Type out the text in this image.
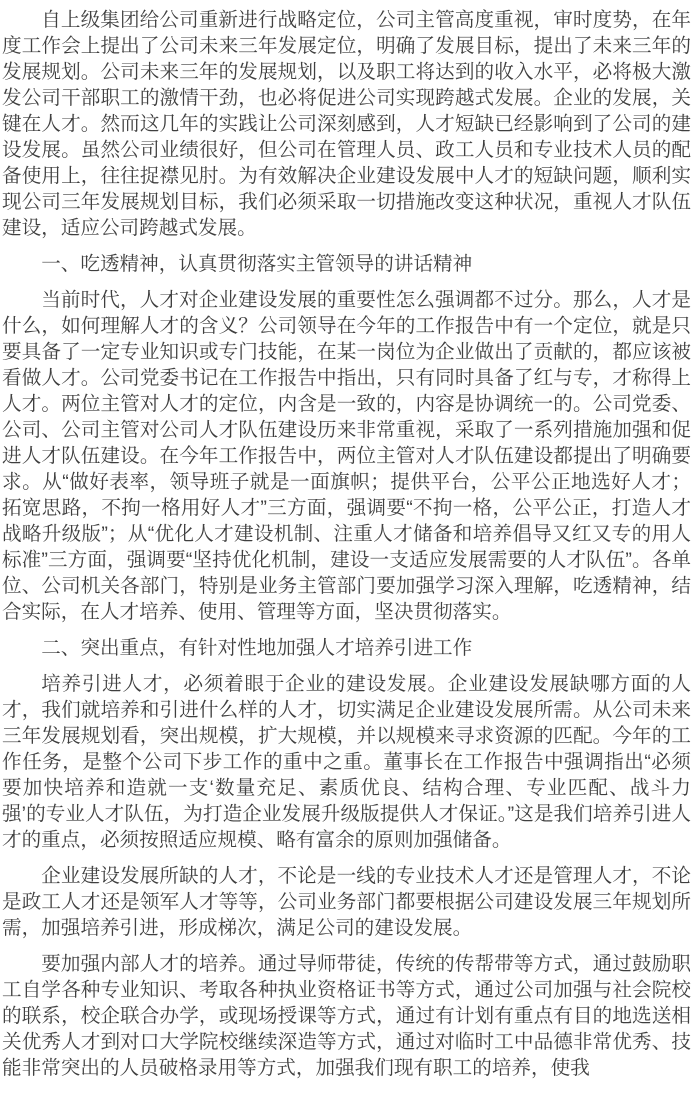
自上级集团给公司重新进行战略定位，公司主管高度重视，审时度势，在年度工作会上提出了公司未来三年发展定位，明确了发展目标，提出了未来三年的发展规划。公司未来三年的发展规划，以及职工将达到的收入水平，必将极大激发公司干部职工的激情干劲，也必将促进公司实现跨越式发展。企业的发展，关键在人才。然而这几年的实践让公司深刻感到，人才短缺已经影响到了公司的建设发展。虽然公司业绩很好，但公司在管理人员、政工人员和专业技术人员的配备使用上，往往捉襟见肘。为有效解决企业建设发展中人才的短缺问题，顺利实现公司三年发展规划目标，我们必须采取一切措施改变这种状况，重视人才队伍建设，适应公司跨越式发展。

一、吃透精神，认真贯彻落实主管领导的讲话精神

当前时代，人才对企业建设发展的重要性怎么强调都不过分。那么，人才是什么，如何理解人才的含义？公司领导在今年的工作报告中有一个定位，就是只要具备了一定专业知识或专门技能，在某一岗位为企业做出了贡献的，都应该被看做人才。公司党委书记在工作报告中指出，只有同时具备了红与专，才称得上人才。两位主管对人才的定位，内含是一致的，内容是协调统一的。公司党委、公司、公司主管对公司人才队伍建设历来非常重视，采取了一系列措施加强和促进人才队伍建设。在今年工作报告中，两位主管对人才队伍建设都提出了明确要求。从“做好表率，领导班子就是一面旗帜；提供平台，公平公正地选好人才；拓宽思路，不拘一格用好人才”三方面，强调要“不拘一格，公平公正，打造人才战略升级版”；从“优化人才建设机制、注重人才储备和培养倡导又红又专的用人标准”三方面，强调要“坚持优化机制，建设一支适应发展需要的人才队伍”。各单位、公司机关各部门，特别是业务主管部门要加强学习深入理解，吃透精神，结合实际，在人才培养、使用、管理等方面，坚决贯彻落实。

二、突出重点，有针对性地加强人才培养引进工作

培养引进人才，必须着眼于企业的建设发展。企业建设发展缺哪方面的人才，我们就培养和引进什么样的人才，切实满足企业建设发展所需。从公司未来三年发展规划看，突出规模，扩大规模，并以规模来寻求资源的匹配。今年的工作任务，是整个公司下步工作的重中之重。董事长在工作报告中强调指出“必须要加快培养和造就一支‘数量充足、素质优良、结构合理、专业匹配、战斗力强’的专业人才队伍，为打造企业发展升级版提供人才保证。”这是我们培养引进人才的重点，必须按照适应规模、略有富余的原则加强储备。

企业建设发展所缺的人才，不论是一线的专业技术人才还是管理人才，不论是政工人才还是领军人才等等，公司业务部门都要根据公司建设发展三年规划所需，加强培养引进，形成梯次，满足公司的建设发展。

要加强内部人才的培养。通过导师带徒，传统的传帮带等方式，通过鼓励职工自学各种专业知识、考取各种执业资格证书等方式，通过公司加强与社会院校的联系，校企联合办学，或现场授课等方式，通过有计划有重点有目的地选送相关优秀人才到对口大学院校继续深造等方式，通过对临时工中品德非常优秀、技能非常突出的人员破格录用等方式，加强我们现有职工的培养，使我
